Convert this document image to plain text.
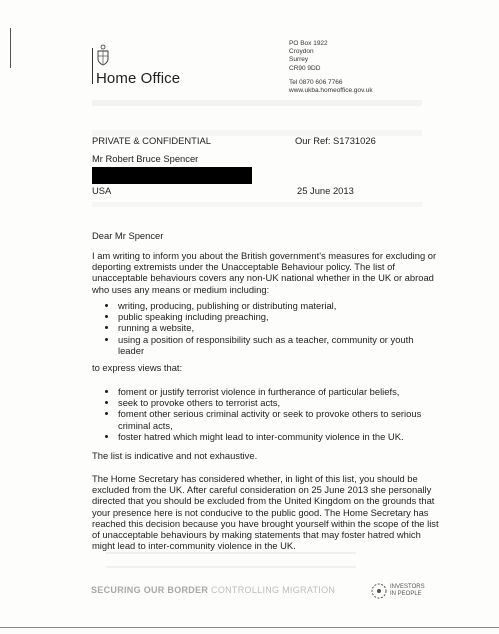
Home Office
PO Box 1922
Croydon
Surrey
CR90 9DD
Tel 0870 606 7766
www.ukba.homeoffice.gov.uk
PRIVATE & CONFIDENTIAL	Our Ref: S1731026
Mr Robert Bruce Spencer
USA	25 June 2013
Dear Mr Spencer
I am writing to inform you about the British government's measures for excluding or deporting extremists under the Unacceptable Behaviour policy. The list of unacceptable behaviours covers any non-UK national whether in the UK or abroad who uses any means or medium including:
• writing, producing, publishing or distributing material,
• public speaking including preaching,
• running a website,
• using a position of responsibility such as a teacher, community or youth leader
to express views that:
• foment or justify terrorist violence in furtherance of particular beliefs,
• seek to provoke others to terrorist acts,
• foment other serious criminal activity or seek to provoke others to serious criminal acts,
• foster hatred which might lead to inter-community violence in the UK.
The list is indicative and not exhaustive.
The Home Secretary has considered whether, in light of this list, you should be excluded from the UK. After careful consideration on 25 June 2013 she personally directed that you should be excluded from the United Kingdom on the grounds that your presence here is not conducive to the public good. The Home Secretary has reached this decision because you have brought yourself within the scope of the list of unacceptable behaviours by making statements that may foster hatred which might lead to inter-community violence in the UK.
SECURING OUR BORDER CONTROLLING MIGRATION	INVESTORS
IN PEOPLE
